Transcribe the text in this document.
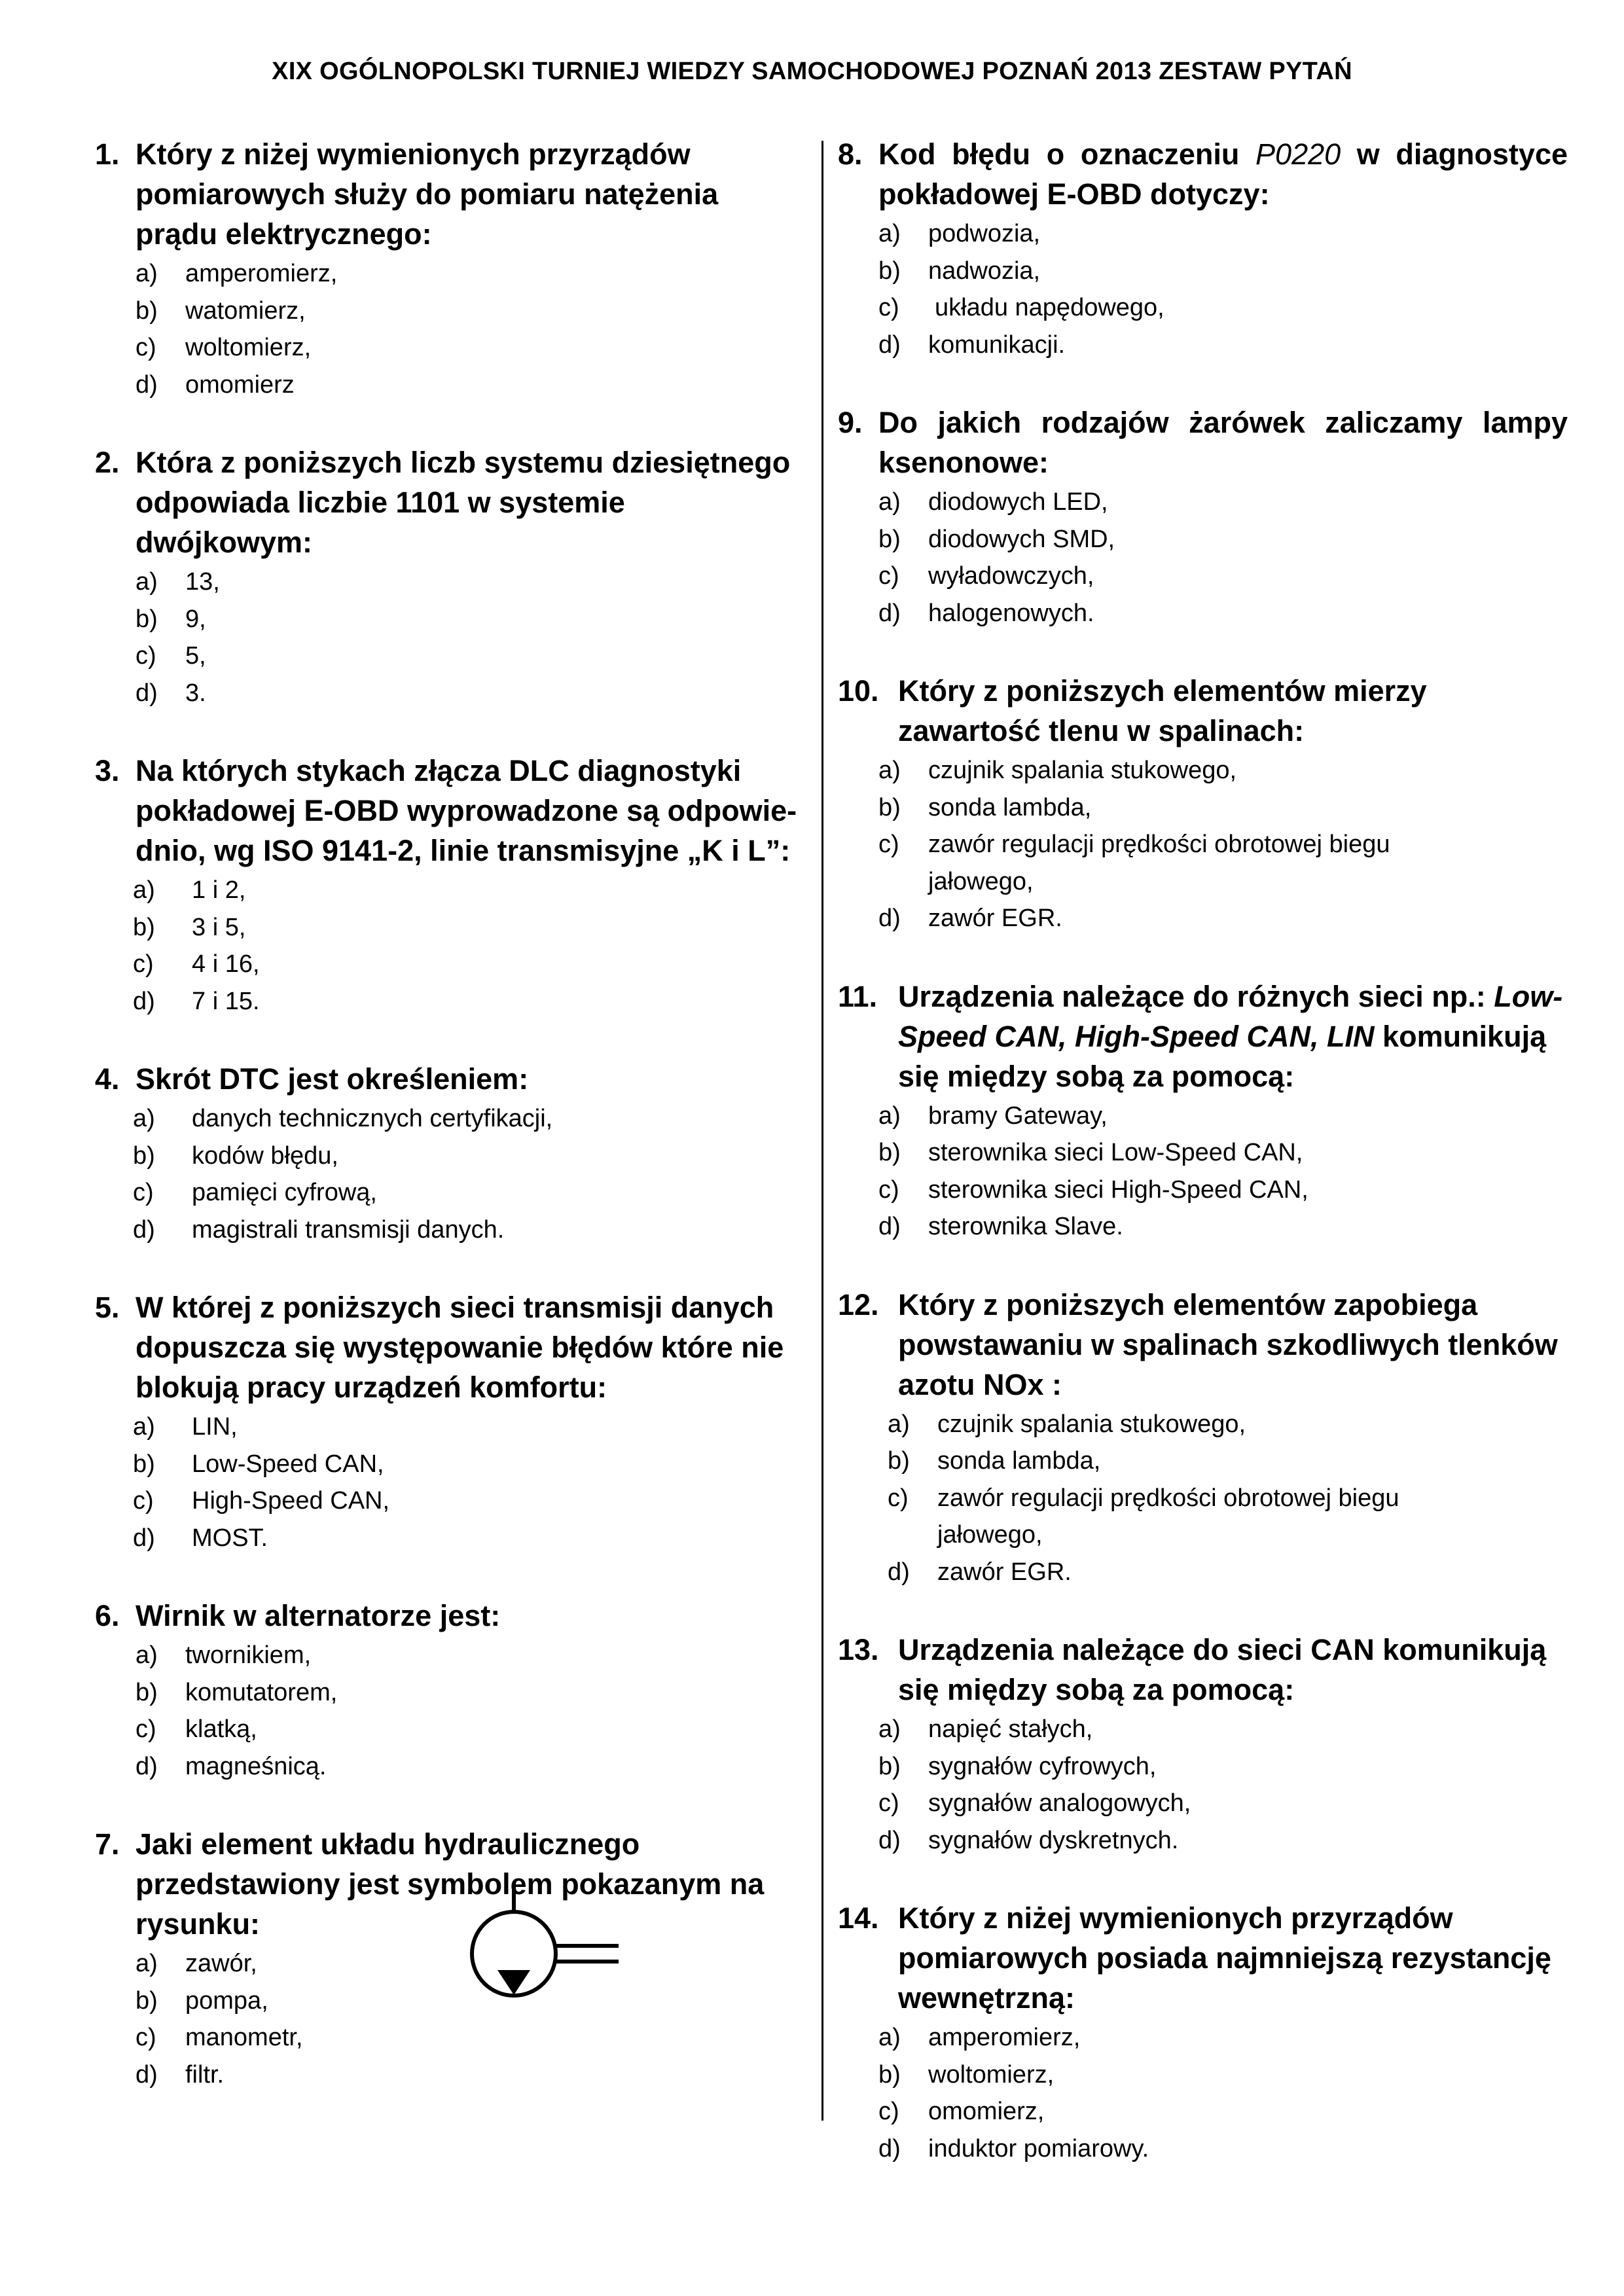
XIX OGÓLNOPOLSKI TURNIEJ WIEDZY SAMOCHODOWEJ POZNAŃ 2013 ZESTAW PYTAŃ
1. Który z niżej wymienionych przyrządów pomiarowych służy do pomiaru natężenia prądu elektrycznego:
a)	amperomierz,
b)	watomierz,
c)	woltomierz,
d)	omomierz
2. Która z poniższych liczb systemu dziesiętnego odpowiada liczbie 1101 w systemie dwójkowym:
a)	13,
b)	9,
c)	5,
d)	3.
3. Na których stykach złącza DLC diagnostyki pokładowej E-OBD wyprowadzone są odpowie-dnio, wg ISO 9141-2, linie transmisyjne „K i L”:
a)	1 i 2,
b)	3 i 5,
c)	4 i 16,
d)	7 i 15.
4. Skrót DTC jest określeniem:
a)	danych technicznych certyfikacji,
b)	kodów błędu,
c)	pamięci cyfrową,
d)	magistrali transmisji danych.
5. W której z poniższych sieci transmisji danych dopuszcza się występowanie błędów które nie blokują pracy urządzeń komfortu:
a)	LIN,
b)	Low-Speed CAN,
c)	High-Speed CAN,
d)	MOST.
6. Wirnik w alternatorze jest:
a)	twornikiem,
b)	komutatorem,
c)	klatką,
d)	magneśnicą.
7. Jaki element układu hydraulicznego przedstawiony jest symbolem pokazanym na rysunku:
a)	zawór,
b)	pompa,
c)	manometr,
d)	filtr.
8. Kod błędu o oznaczeniu P0220 w diagnostyce pokładowej E-OBD dotyczy:
a)	podwozia,
b)	nadwozia,
c)	układu napędowego,
d)	komunikacji.
9. Do jakich rodzajów żarówek zaliczamy lampy ksenonowe:
a)	diodowych LED,
b)	diodowych SMD,
c)	wyładowczych,
d)	halogenowych.
10. Który z poniższych elementów mierzy zawartość tlenu w spalinach:
a)	czujnik spalania stukowego,
b)	sonda lambda,
c)	zawór regulacji prędkości obrotowej biegu jałowego,
d)	zawór EGR.
11. Urządzenia należące do różnych sieci np.: Low-Speed CAN, High-Speed CAN, LIN komunikują się między sobą za pomocą:
a)	bramy Gateway,
b)	sterownika sieci Low-Speed CAN,
c)	sterownika sieci High-Speed CAN,
d)	sterownika Slave.
12. Który z poniższych elementów zapobiega powstawaniu w spalinach szkodliwych tlenków azotu NOx :
a)	czujnik spalania stukowego,
b)	sonda lambda,
c)	zawór regulacji prędkości obrotowej biegu jałowego,
d)	zawór EGR.
13. Urządzenia należące do sieci CAN komunikują się między sobą za pomocą:
a)	napięć stałych,
b)	sygnałów cyfrowych,
c)	sygnałów analogowych,
d)	sygnałów dyskretnych.
14. Który z niżej wymienionych przyrządów pomiarowych posiada najmniejszą rezystancję wewnętrzną:
a)	amperomierz,
b)	woltomierz,
c)	omomierz,
d)	induktor pomiarowy.
